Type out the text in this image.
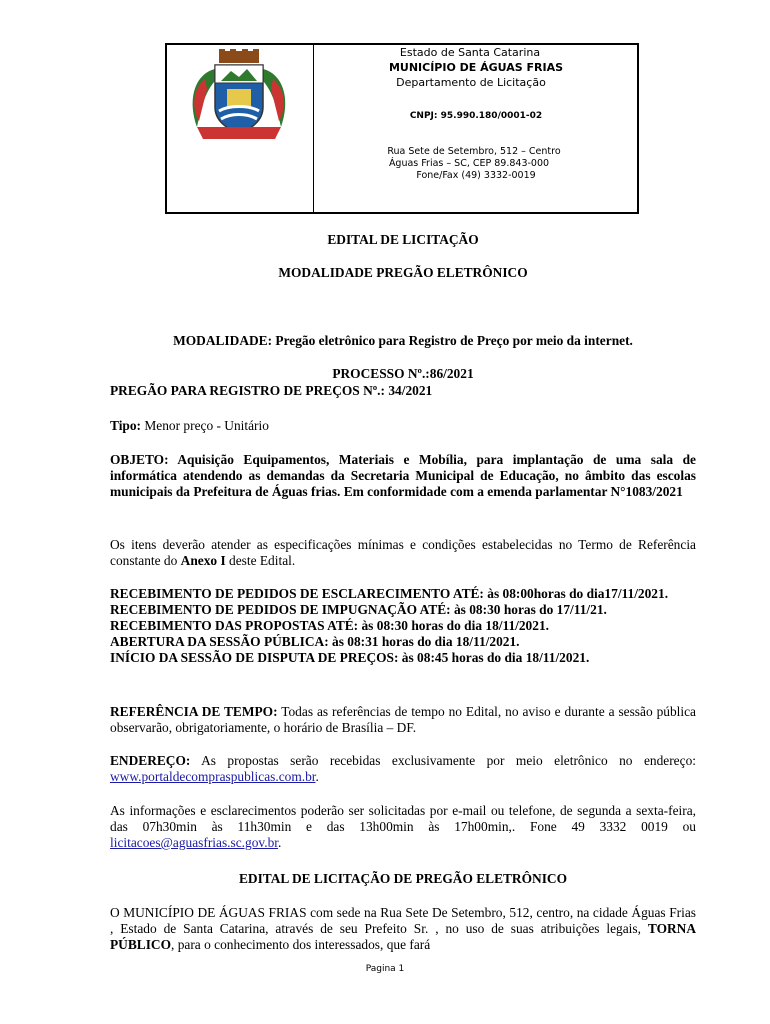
Estado de Santa Catarina
MUNICÍPIO DE ÁGUAS FRIAS
Departamento de Licitação
CNPJ: 95.990.180/0001-02
Rua Sete de Setembro, 512 – Centro
Águas Frias – SC, CEP 89.843-000
Fone/Fax (49) 3332-0019
EDITAL DE LICITAÇÃO
MODALIDADE PREGÃO ELETRÔNICO
MODALIDADE: Pregão eletrônico para Registro de Preço por meio da internet.
PROCESSO Nº.:86/2021
PREGÃO PARA REGISTRO DE PREÇOS Nº.: 34/2021
Tipo: Menor preço - Unitário
OBJETO: Aquisição Equipamentos, Materiais e Mobília, para implantação de uma sala de informática atendendo as demandas da Secretaria Municipal de Educação, no âmbito das escolas municipais da Prefeitura de Águas frias. Em conformidade com a emenda parlamentar N°1083/2021
Os itens deverão atender as especificações mínimas e condições estabelecidas no Termo de Referência constante do Anexo I deste Edital.
RECEBIMENTO DE PEDIDOS DE ESCLARECIMENTO ATÉ: às 08:00horas do dia17/11/2021.
RECEBIMENTO DE PEDIDOS DE IMPUGNAÇÃO ATÉ: às 08:30 horas do 17/11/21.
RECEBIMENTO DAS PROPOSTAS ATÉ: às 08:30 horas do dia 18/11/2021.
ABERTURA DA SESSÃO PÚBLICA: às 08:31 horas do dia 18/11/2021.
INÍCIO DA SESSÃO DE DISPUTA DE PREÇOS: às 08:45 horas do dia 18/11/2021.
REFERÊNCIA DE TEMPO: Todas as referências de tempo no Edital, no aviso e durante a sessão pública observarão, obrigatoriamente, o horário de Brasília – DF.
ENDEREÇO: As propostas serão recebidas exclusivamente por meio eletrônico no endereço: www.portaldecompraspublicas.com.br.
As informações e esclarecimentos poderão ser solicitadas por e-mail ou telefone, de segunda a sexta-feira, das 07h30min às 11h30min e das 13h00min às 17h00min,. Fone 49 3332 0019 ou licitacoes@aguasfrias.sc.gov.br.
EDITAL DE LICITAÇÃO DE PREGÃO ELETRÔNICO
O MUNICÍPIO DE ÁGUAS FRIAS com sede na Rua Sete De Setembro, 512, centro, na cidade Águas Frias , Estado de Santa Catarina, através de seu Prefeito Sr. , no uso de suas atribuições legais, TORNA PÚBLICO, para o conhecimento dos interessados, que fará
Pagina 1
